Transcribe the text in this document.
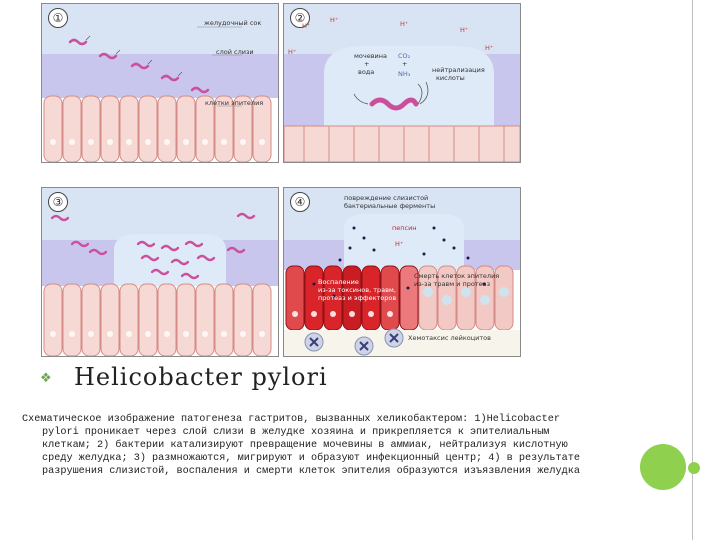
①	желудочный сок
слой слизи
клетки эпителия
②
H⁺
H⁺	H⁺
H⁺
H⁺	H⁺
мочевина
+
вода
CO₂
+
NH₃	нейтрализация
кислоты
③	④	повреждение слизистой
бактериальные ферменты
пепсин
H⁺
Воспаление
из-за токсинов, травм,
протеаз и эффекторов
Смерть клеток эпителия
из-за травм и протеаз
Хемотаксис лейкоцитов
❖ Helicobacter pylori
Схематическое изображение патогенеза гастритов, вызванных хеликобактером: 1)Helicobacter
pylori проникает через слой слизи в желудке хозяина и прикрепляется к эпителиальным
клеткам; 2) бактерии катализируют превращение мочевины в аммиак, нейтрализуя кислотную
среду желудка; 3) размножаются, мигрируют и образуют инфекционный центр; 4) в результате
разрушения слизистой, воспаления и смерти клеток эпителия образуются изъязвления желудка
